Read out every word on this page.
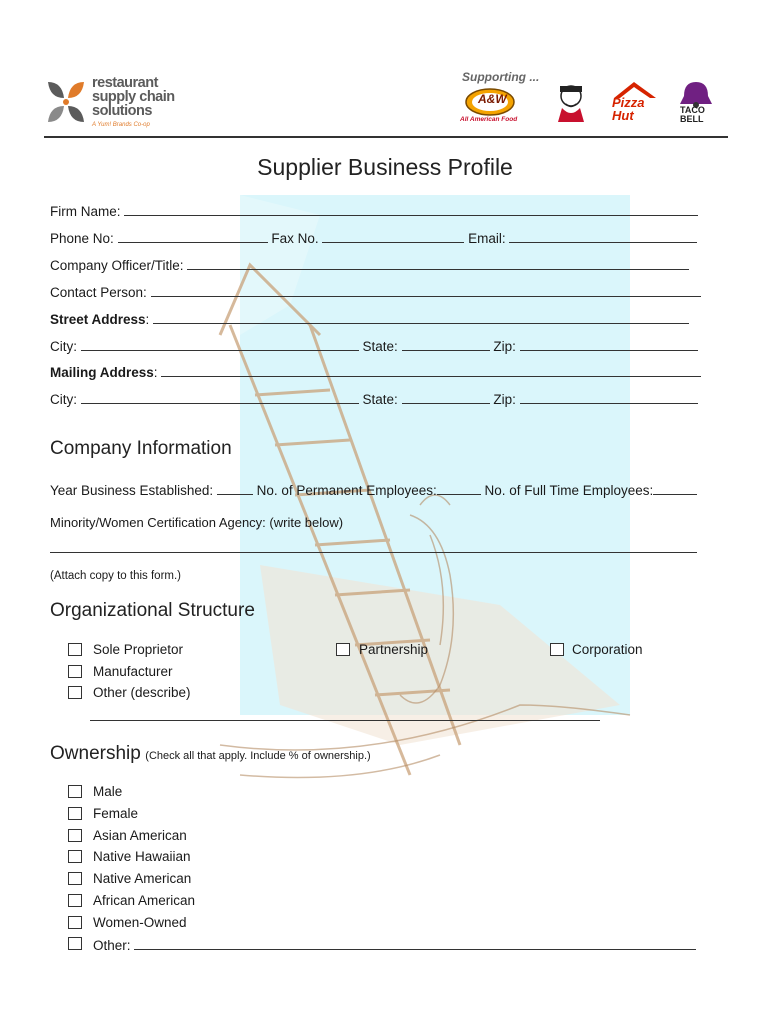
restaurant
supply chain
solutions
A Yum! Brands Co-op
Supporting ...
A&W
All American Food
Pizza Hut	TACO
BELL
Supplier Business Profile
Firm Name:
Phone No:	Fax No.	Email:
Company Officer/Title:
Contact Person:
Street Address:
City:	State:	Zip:
Mailing Address:
City:	State:	Zip:
Company Information
Year Business Established:	No. of Permanent Employees:	No. of Full Time Employees:
Minority/Women Certification Agency: (write below)
(Attach copy to this form.)
Organizational Structure
Sole Proprietor	Partnership	Corporation
Manufacturer
Other (describe)
Ownership (Check all that apply. Include % of ownership.)
Male
Female
Asian American
Native Hawaiian
Native American
African American
Women-Owned
Other:
